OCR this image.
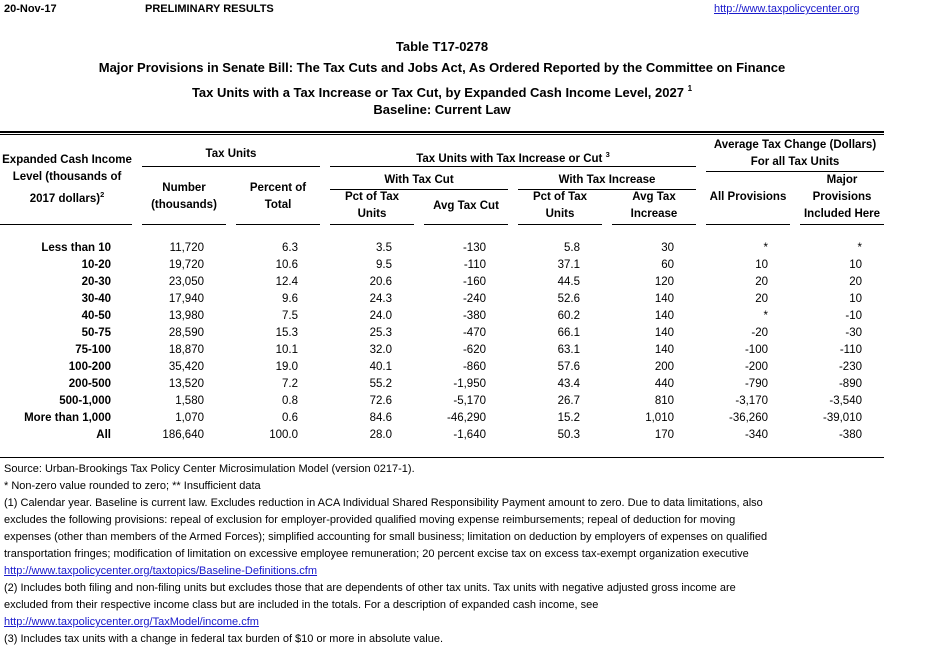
20-Nov-17	PRELIMINARY RESULTS	http://www.taxpolicycenter.org
Table T17-0278
Major Provisions in Senate Bill: The Tax Cuts and Jobs Act, As Ordered Reported by the Committee on Finance
Tax Units with a Tax Increase or Tax Cut, by Expanded Cash Income Level, 2027 $^1$
Baseline: Current Law
Expanded Cash Income Level (thousands of 2017 dollars)$^2$
Tax Units
Number (thousands)
Percent of Total
Tax Units with Tax Increase or Cut $^3$
With Tax Cut	With Tax Increase
Pct of Tax Units
Avg Tax Cut
Pct of Tax Units
Avg Tax Increase
Average Tax Change (Dollars) For all Tax Units
All Provisions
Major Provisions Included Here
Less than 10	11,720	6.3	3.5	-130	5.8	30	*	*
10-20	19,720	10.6	9.5	-110	37.1	60	10	10
20-30	23,050	12.4	20.6	-160	44.5	120	20	20
30-40	17,940	9.6	24.3	-240	52.6	140	20	10
40-50	13,980	7.5	24.0	-380	60.2	140	*	-10
50-75	28,590	15.3	25.3	-470	66.1	140	-20	-30
75-100	18,870	10.1	32.0	-620	63.1	140	-100	-110
100-200	35,420	19.0	40.1	-860	57.6	200	-200	-230
200-500	13,520	7.2	55.2	-1,950	43.4	440	-790	-890
500-1,000	1,580	0.8	72.6	-5,170	26.7	810	-3,170	-3,540
More than 1,000	1,070	0.6	84.6	-46,290	15.2	1,010	-36,260	-39,010
All	186,640	100.0	28.0	-1,640	50.3	170	-340	-380
Source: Urban-Brookings Tax Policy Center Microsimulation Model (version 0217-1).
* Non-zero value rounded to zero; ** Insufficient data
(1) Calendar year. Baseline is current law. Excludes reduction in ACA Individual Shared Responsibility Payment amount to zero. Due to data limitations, also
excludes the following provisions: repeal of exclusion for employer-provided qualified moving expense reimbursements; repeal of deduction for moving
expenses (other than members of the Armed Forces); simplified accounting for small business; limitation on deduction by employers of expenses on qualified
transportation fringes; modification of limitation on excessive employee remuneration; 20 percent excise tax on excess tax-exempt organization executive
http://www.taxpolicycenter.org/taxtopics/Baseline-Definitions.cfm
(2) Includes both filing and non-filing units but excludes those that are dependents of other tax units. Tax units with negative adjusted gross income are
excluded from their respective income class but are included in the totals. For a description of expanded cash income, see
http://www.taxpolicycenter.org/TaxModel/income.cfm
(3) Includes tax units with a change in federal tax burden of $10 or more in absolute value.
